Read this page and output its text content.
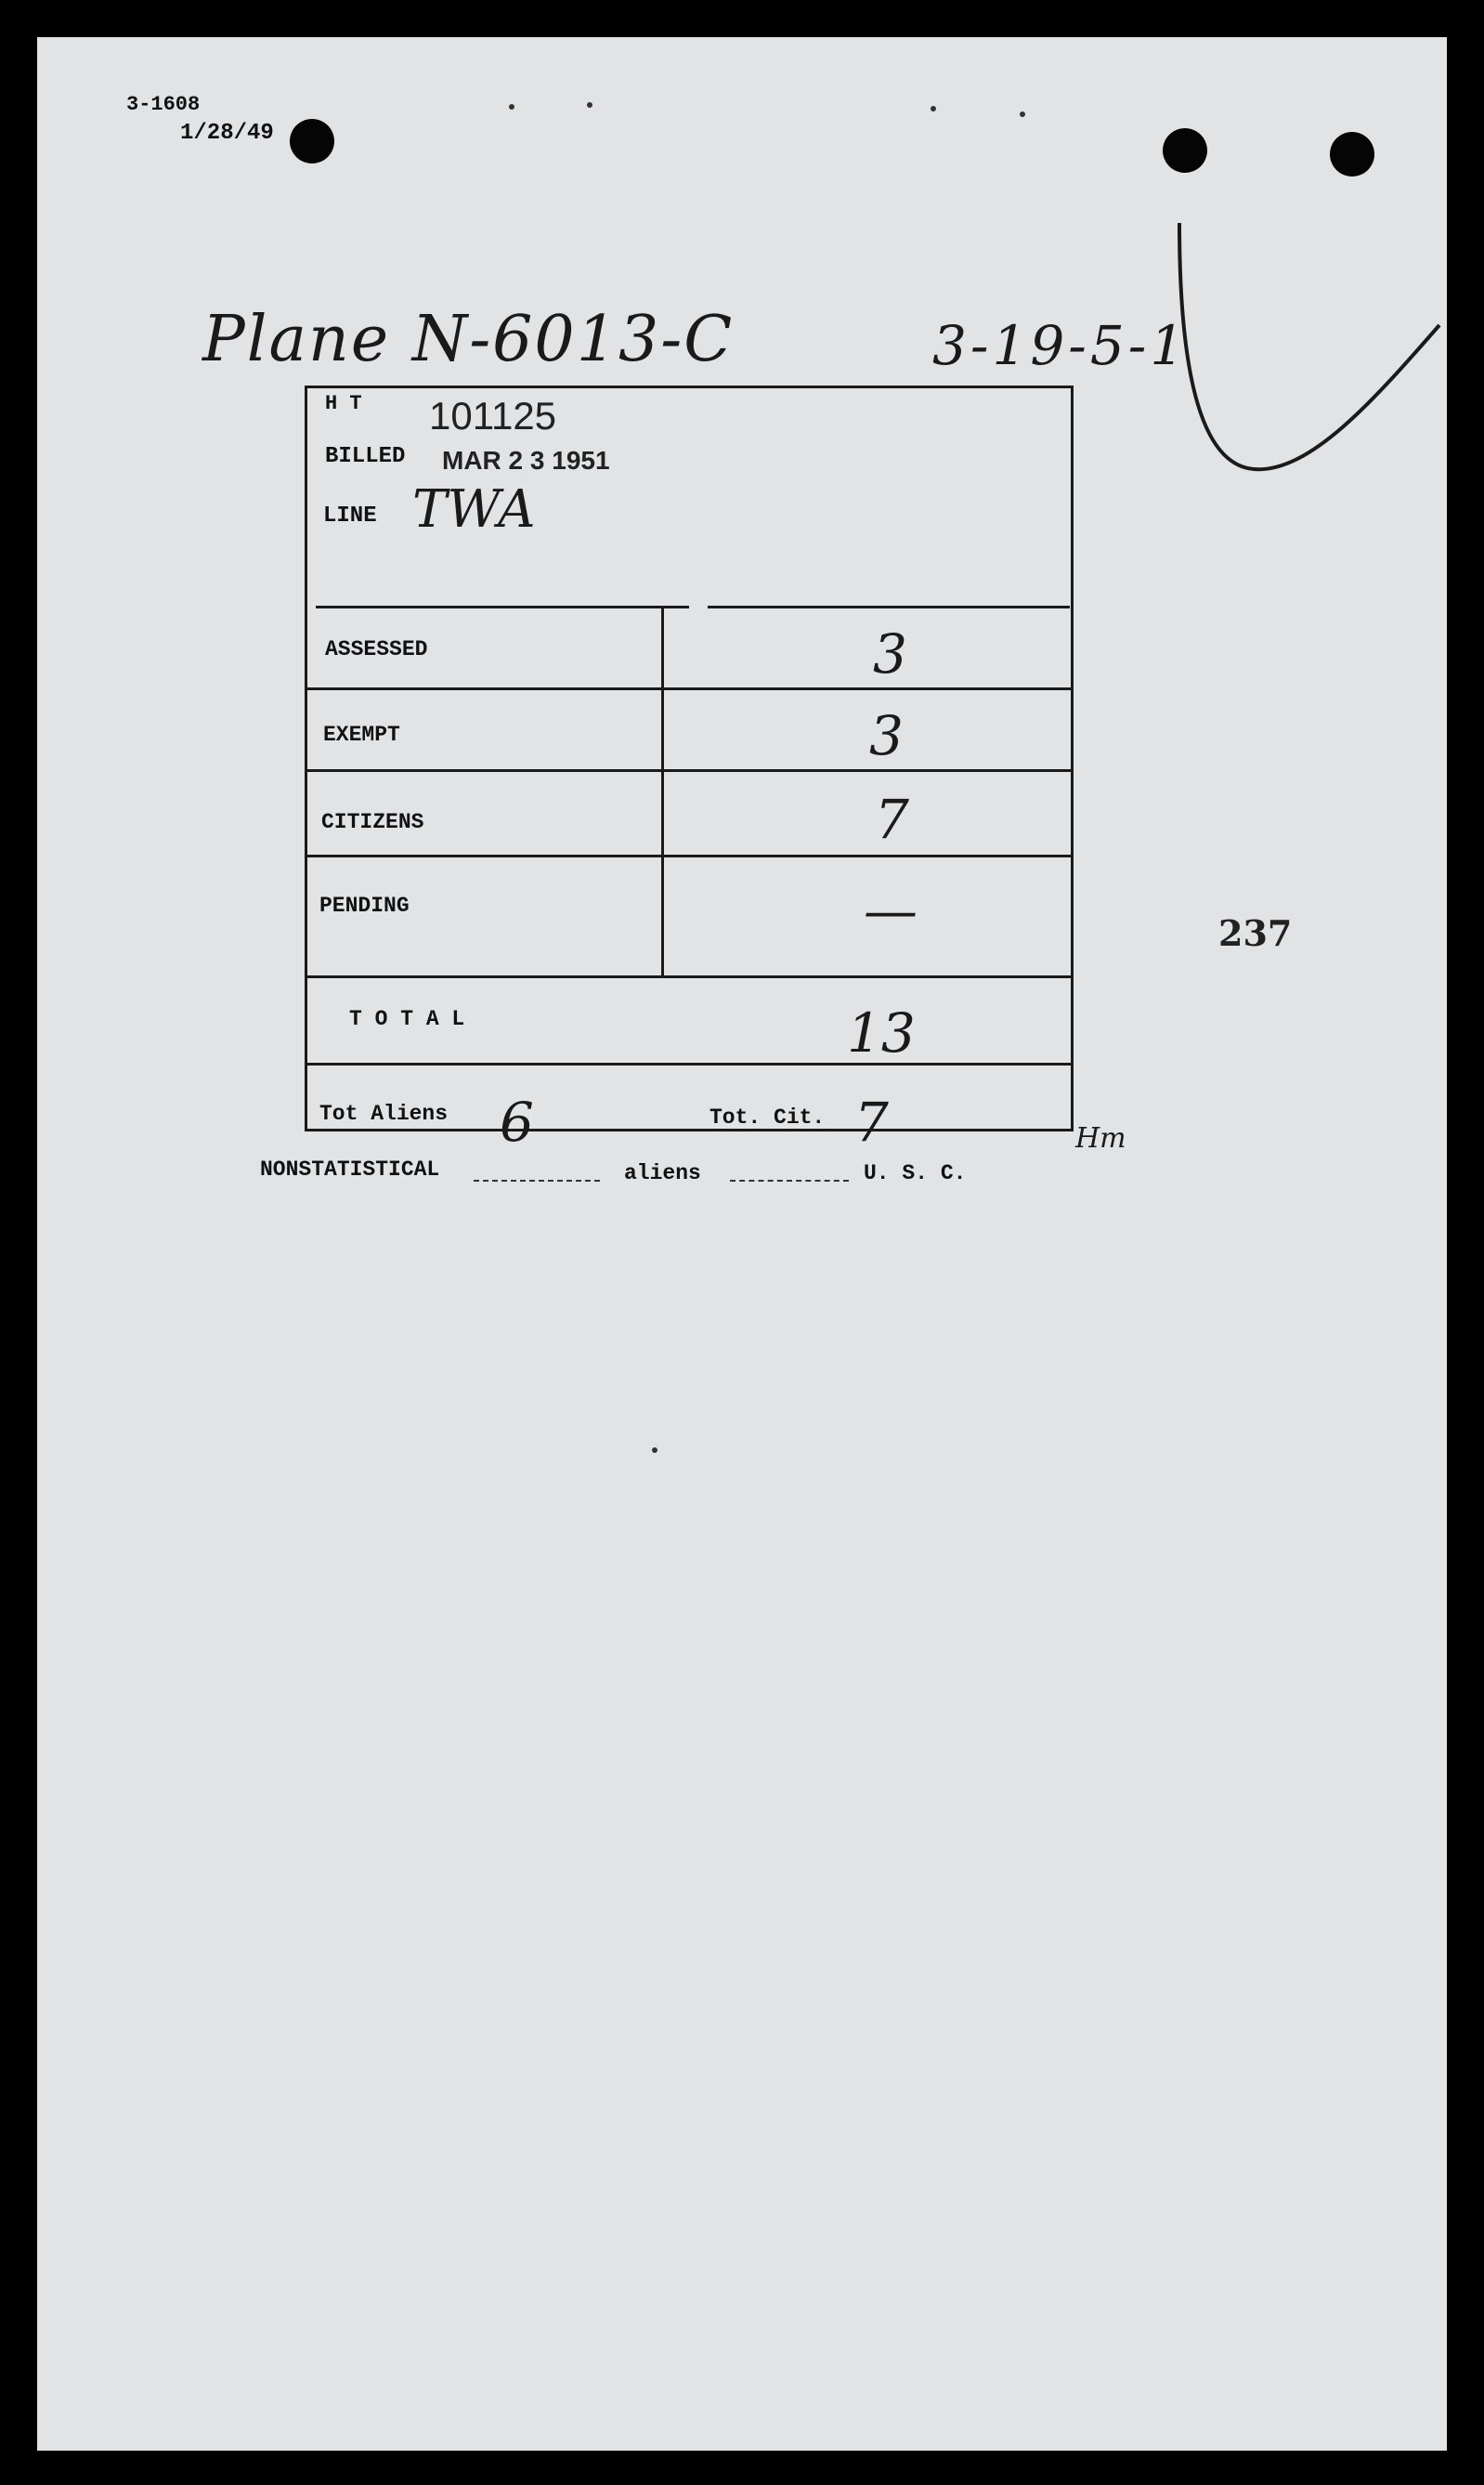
3-1608
1/28/49
Plane N-6013-C	3-19-5-1
H T 101125
BILLED MAR 2 3 1951
LINE TWA
ASSESSED	3
EXEMPT	3
CITIZENS	7
PENDING	—
T O T A L	13
Tot Aliens 6	Tot. Cit. 7	Hm
237
NONSTATISTICAL	aliens	U. S. C.
